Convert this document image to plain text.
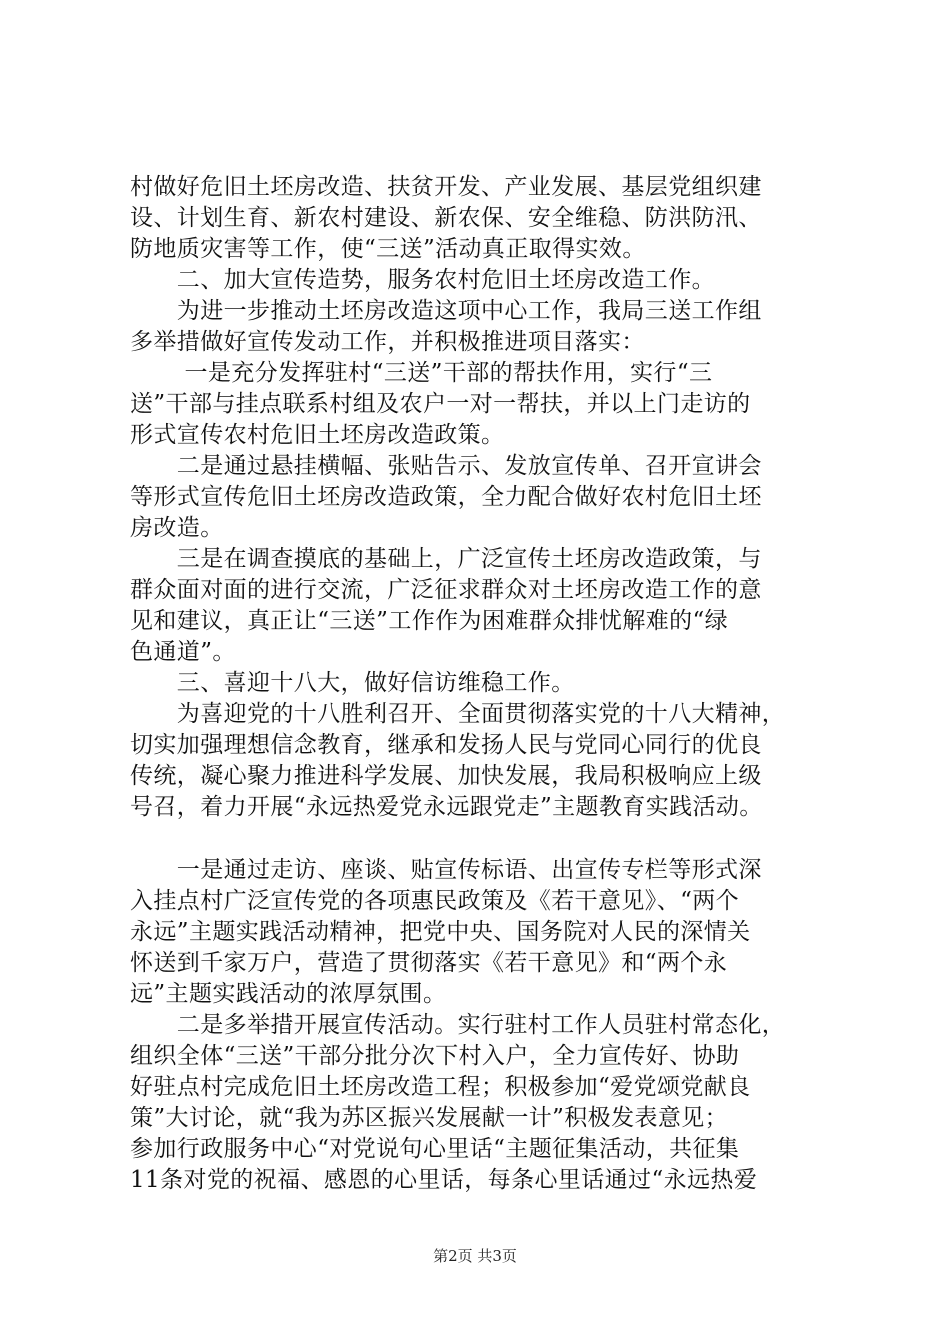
村做好危旧土坯房改造、扶贫开发、产业发展、基层党组织建
设、计划生育、新农村建设、新农保、安全维稳、防洪防汛、
防地质灾害等工作，使“三送”活动真正取得实效。
　　二、加大宣传造势，服务农村危旧土坯房改造工作。
　　为进一步推动土坯房改造这项中心工作，我局三送工作组
多举措做好宣传发动工作，并积极推进项目落实：
　　 一是充分发挥驻村“三送”干部的帮扶作用，实行“三
送”干部与挂点联系村组及农户一对一帮扶，并以上门走访的
形式宣传农村危旧土坯房改造政策。
　　二是通过悬挂横幅、张贴告示、发放宣传单、召开宣讲会
等形式宣传危旧土坯房改造政策，全力配合做好农村危旧土坯
房改造。
　　三是在调查摸底的基础上，广泛宣传土坯房改造政策，与
群众面对面的进行交流，广泛征求群众对土坯房改造工作的意
见和建议，真正让“三送”工作作为困难群众排忧解难的“绿
色通道”。
　　三、喜迎十八大，做好信访维稳工作。
　　为喜迎党的十八胜利召开、全面贯彻落实党的十八大精神，
切实加强理想信念教育，继承和发扬人民与党同心同行的优良
传统，凝心聚力推进科学发展、加快发展，我局积极响应上级
号召，着力开展“永远热爱党永远跟党走”主题教育实践活动。
　　一是通过走访、座谈、贴宣传标语、出宣传专栏等形式深
入挂点村广泛宣传党的各项惠民政策及《若干意见》、“两个
永远”主题实践活动精神，把党中央、国务院对人民的深情关
怀送到千家万户，营造了贯彻落实《若干意见》和“两个永
远”主题实践活动的浓厚氛围。
　　二是多举措开展宣传活动。实行驻村工作人员驻村常态化，
组织全体“三送”干部分批分次下村入户，全力宣传好、协助
好驻点村完成危旧土坯房改造工程；积极参加“爱党颂党献良
策”大讨论，就“我为苏区振兴发展献一计”积极发表意见；
参加行政服务中心“对党说句心里话“主题征集活动，共征集
11条对党的祝福、感恩的心里话，每条心里话通过“永远热爱
第2页 共3页
